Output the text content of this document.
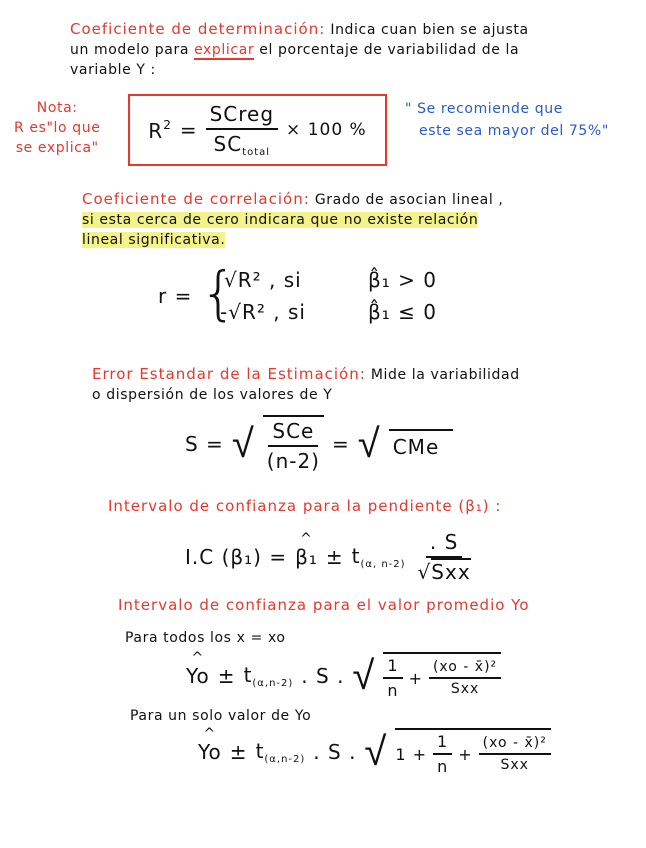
Coeficiente de determinación: Indica cuan bien se ajusta
un modelo para explicar el porcentaje de variabilidad de la
variable Y :
Nota:
R es"lo que
se explica"
$R^2 = \frac{\text{SCreg}}{SC_{total}} \times 100$ %
" Se recomiende que
este sea mayor del 75%"
Coeficiente de correlación: Grado de asocian lineal ,
si esta cerca de cero indicara que no existe relación
lineal significativa.
r = {
√R² , si	β̂₁ > 0
-√R² , si	β̂₁ ≤ 0
Error Estandar de la Estimación: Mide la variabilidad
o dispersión de los valores de Y
S = √ $\frac{\text{SCe}}{(n-2)}$ = √ CMe
Intervalo de confianza para la pendiente (β₁) :
I.C (β₁) =
^ $\beta_1 \pm t_{(\alpha, n-2)} \frac{. S}{\text{√Sxx}}$
Intervalo de confianza para el valor promedio Yo
Para todos los x = xo
^ $Yo \pm t_{(\alpha,n-2)}$ . S . √ $\frac{1}{n} + \frac{\text{(xo - x̄)²}}{\text{Sxx}}$
Para un solo valor de Yo
^ $Yo \pm t_{(\alpha,n-2)}$ . S . √ $1 + \frac{1}{n} + \frac{\text{(xo - x̄)²}}{\text{Sxx}}$
